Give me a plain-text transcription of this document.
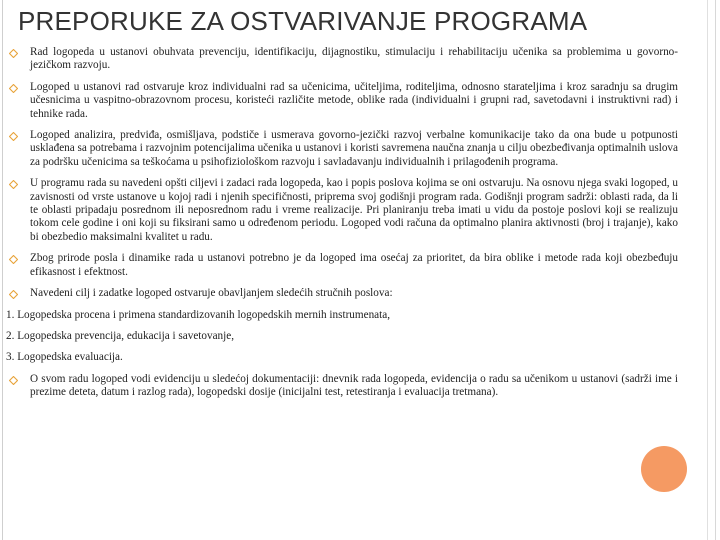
PREPORUKE ZA OSTVARIVANJE PROGRAMA
Rad logopeda u ustanovi obuhvata prevenciju, identifikaciju, dijagnostiku, stimulaciju i rehabilitaciju učenika sa problemima u govorno-jezičkom razvoju.
Logoped u ustanovi rad ostvaruje kroz individualni rad sa učenicima, učiteljima, roditeljima, odnosno starateljima i kroz saradnju sa drugim učesnicima u vaspitno-obrazovnom procesu, koristeći različite metode, oblike rada (individualni i grupni rad, savetodavni i instruktivni rad) i tehnike rada.
Logoped analizira, predviđa, osmišljava, podstiče i usmerava govorno-jezički razvoj verbalne komunikacije tako da ona bude u potpunosti usklađena sa potrebama i razvojnim potencijalima učenika u ustanovi i koristi savremena naučna znanja u cilju obezbeđivanja optimalnih uslova za podršku učenicima sa teškoćama u psihofiziološkom razvoju i savladavanju individualnih i prilagođenih programa.
U programu rada su navedeni opšti ciljevi i zadaci rada logopeda, kao i popis poslova kojima se oni ostvaruju. Na osnovu njega svaki logoped, u zavisnosti od vrste ustanove u kojoj radi i njenih specifičnosti, priprema svoj godišnji program rada. Godišnji program sadrži: oblasti rada, da li te oblasti pripadaju posrednom ili neposrednom radu i vreme realizacije. Pri planiranju treba imati u vidu da postoje poslovi koji se realizuju tokom cele godine i oni koji su fiksirani samo u određenom periodu. Logoped vodi računa da optimalno planira aktivnosti (broj i trajanje), kako bi obezbedio maksimalni kvalitet u radu.
Zbog prirode posla i dinamike rada u ustanovi potrebno je da logoped ima osećaj za prioritet, da bira oblike i metode rada koji obezbeđuju efikasnost i efektnost.
Navedeni cilj i zadatke logoped ostvaruje obavljanjem sledećih stručnih poslova:
1. Logopedska procena i primena standardizovanih logopedskih mernih instrumenata,
2. Logopedska prevencija, edukacija i savetovanje,
3. Logopedska evaluacija.
O svom radu logoped vodi evidenciju u sledećoj dokumentaciji: dnevnik rada logopeda, evidencija o radu sa učenikom u ustanovi (sadrži ime i prezime deteta, datum i razlog rada), logopedski dosije (inicijalni test, retestiranja i evaluacija tretmana).
